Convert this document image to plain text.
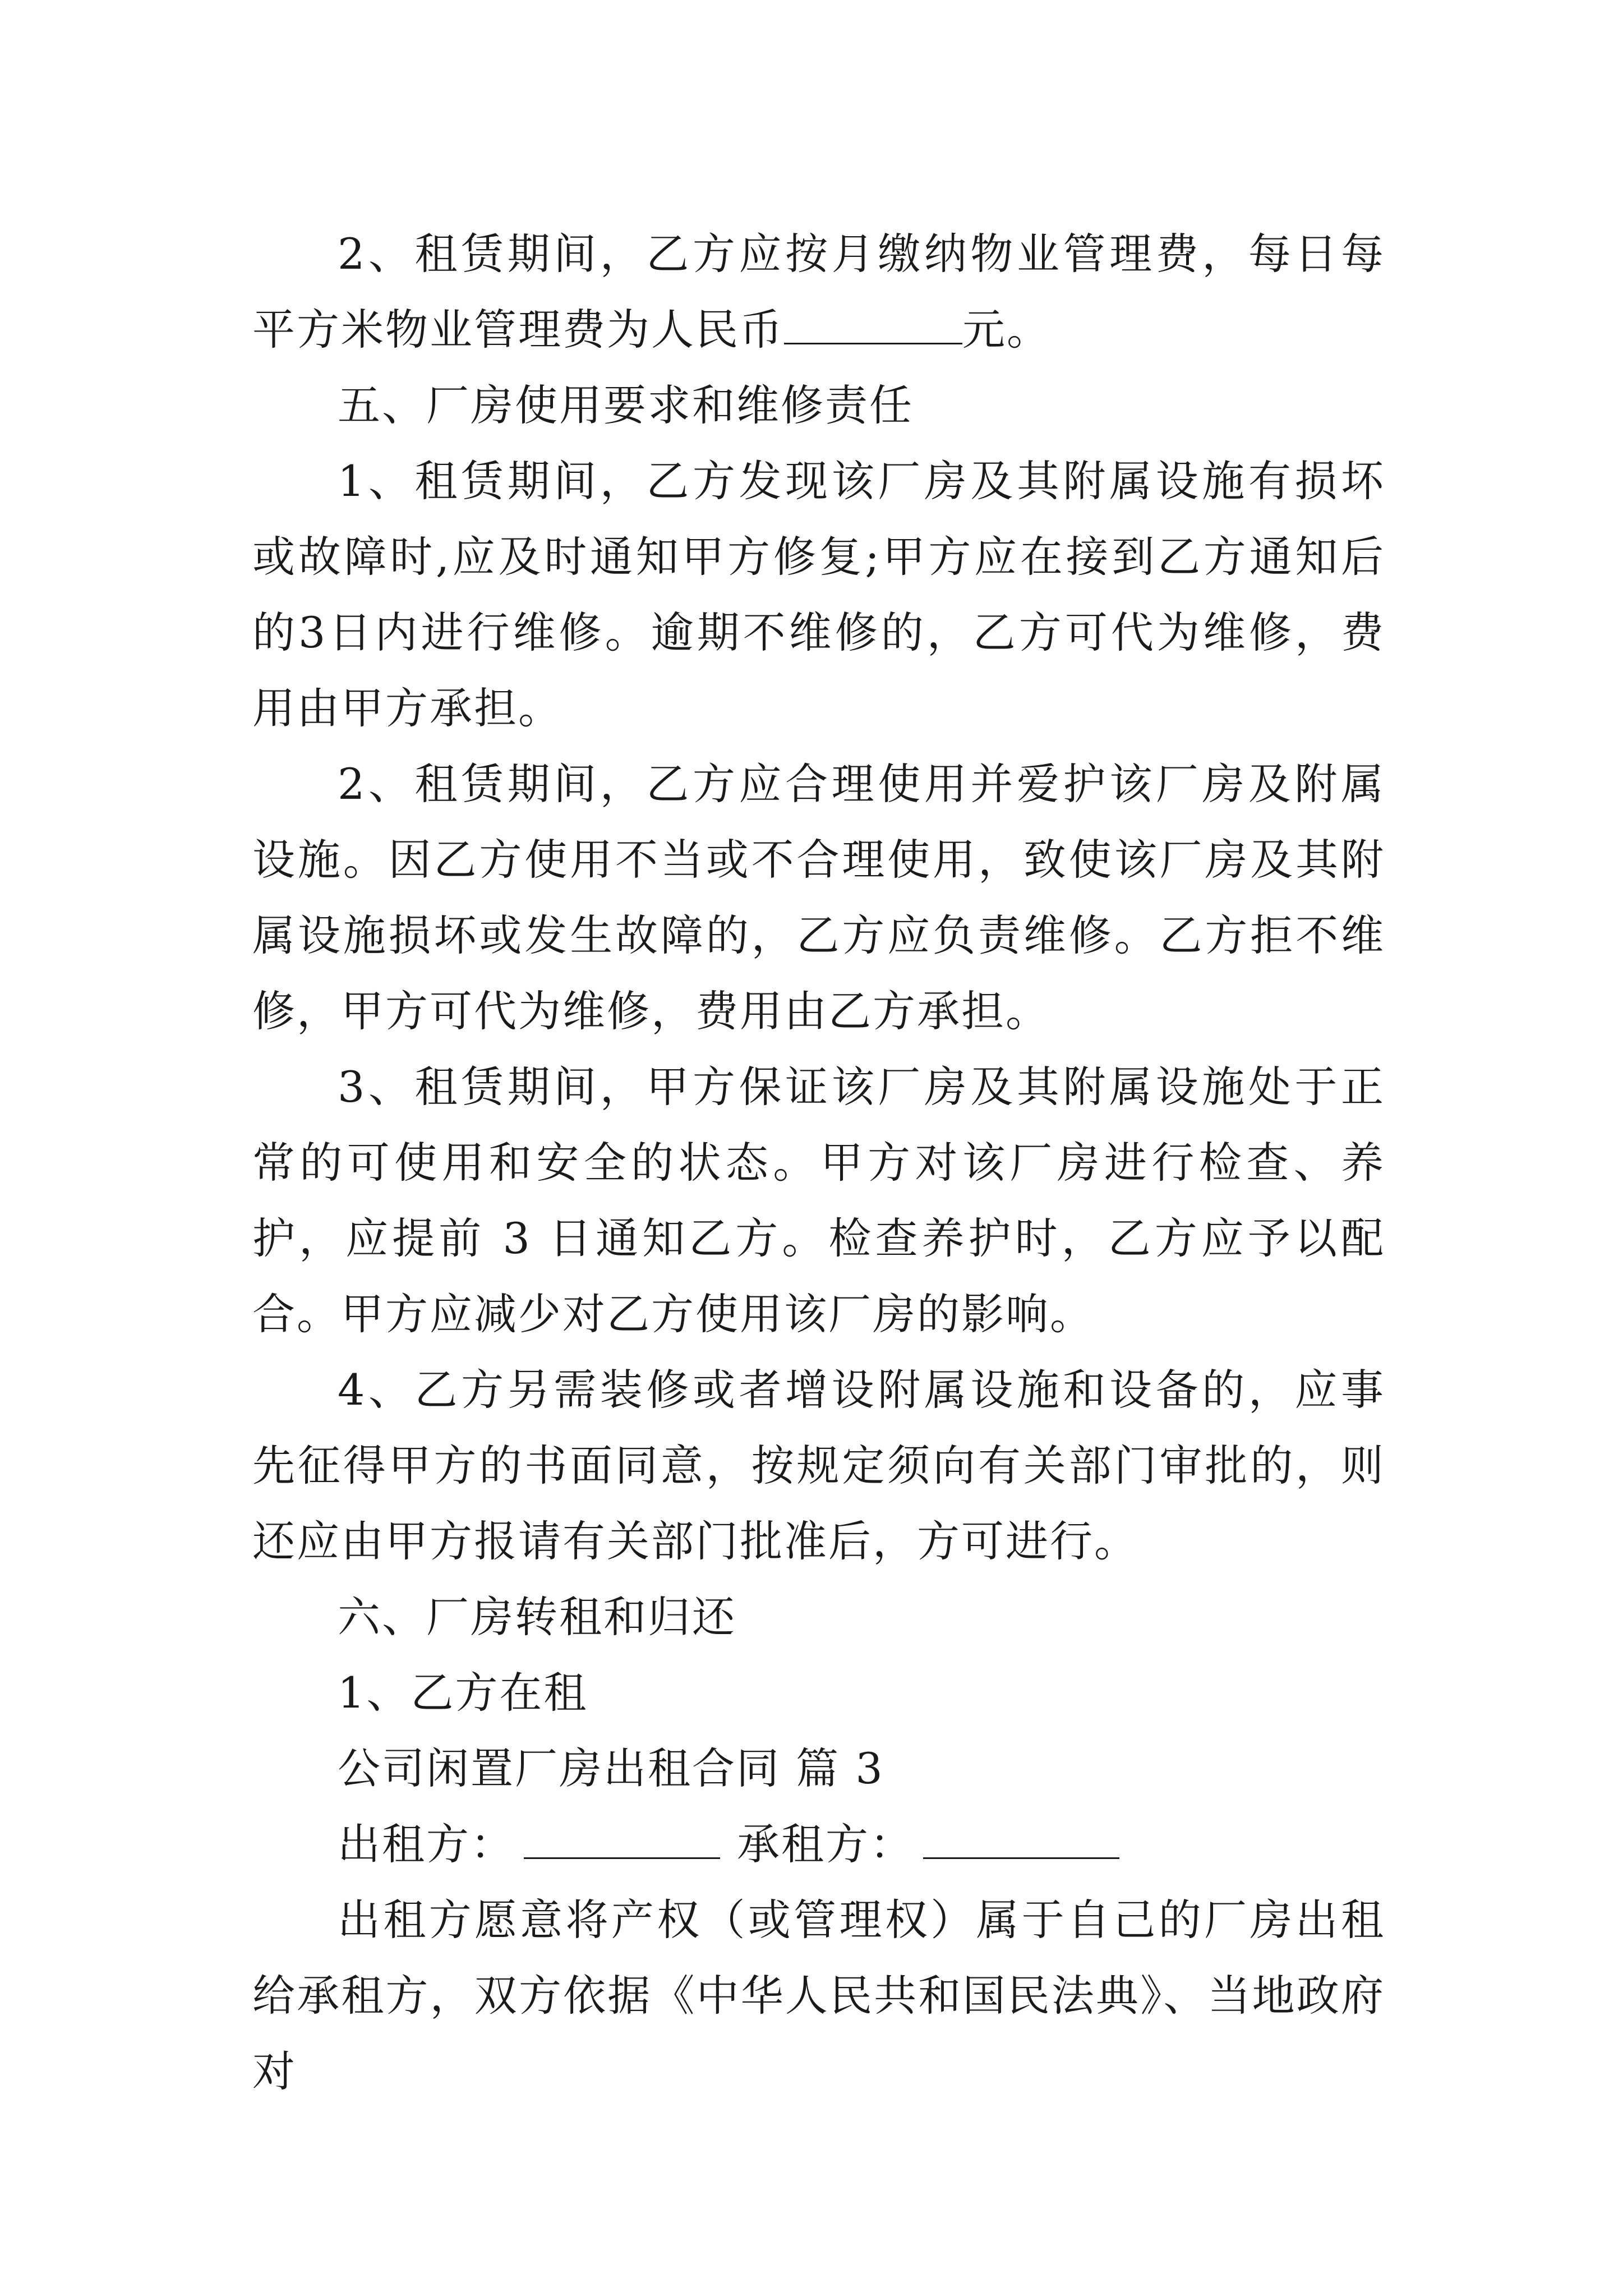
2、租赁期间，乙方应按月缴纳物业管理费，每日每平方米物业管理费为人民币	元。

五、厂房使用要求和维修责任

1、租赁期间，乙方发现该厂房及其附属设施有损坏或故障时,应及时通知甲方修复;甲方应在接到乙方通知后的3日内进行维修。逾期不维修的，乙方可代为维修，费用由甲方承担。

2、租赁期间，乙方应合理使用并爱护该厂房及附属设施。因乙方使用不当或不合理使用，致使该厂房及其附属设施损坏或发生故障的，乙方应负责维修。乙方拒不维修，甲方可代为维修，费用由乙方承担。

3、租赁期间，甲方保证该厂房及其附属设施处于正常的可使用和安全的状态。甲方对该厂房进行检查、养护，应提前 3 日通知乙方。检查养护时，乙方应予以配合。甲方应减少对乙方使用该厂房的影响。

4、乙方另需装修或者增设附属设施和设备的，应事先征得甲方的书面同意，按规定须向有关部门审批的，则还应由甲方报请有关部门批准后，方可进行。

六、厂房转租和归还

1、乙方在租

公司闲置厂房出租合同 篇 3

出租方：	承租方：

出租方愿意将产权（或管理权）属于自己的厂房出租给承租方，双方依据《中华人民共和国民法典》、当地政府对
